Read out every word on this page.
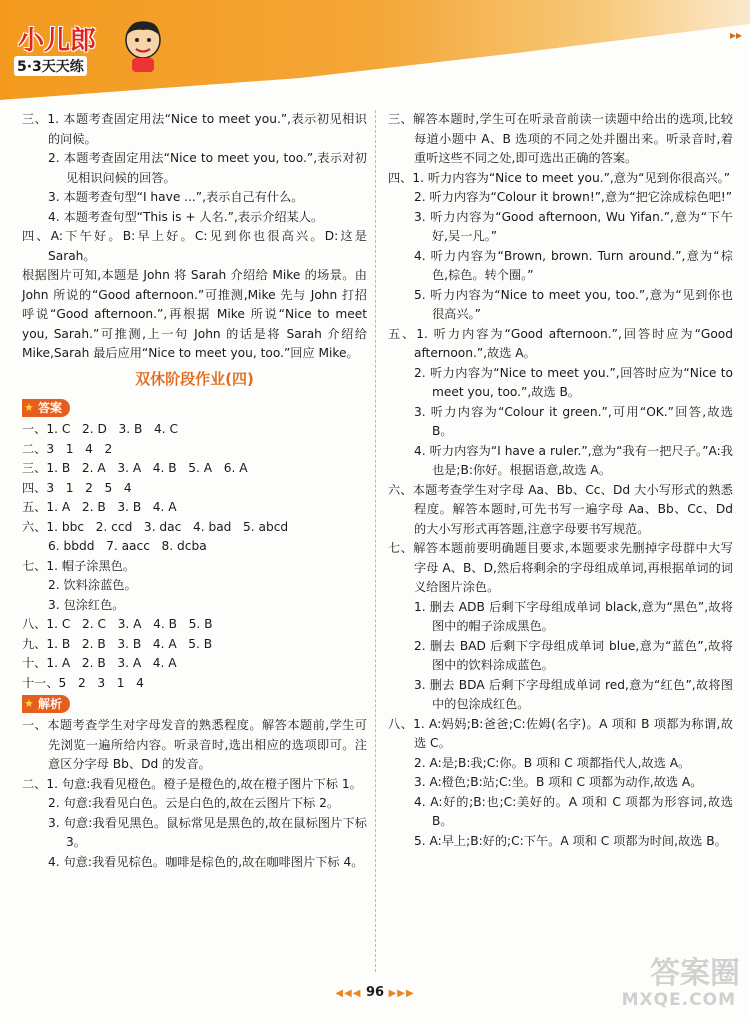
小儿郎
5·3天天练
▸▸

三、1. 本题考查固定用法“Nice to meet you.”,表示初见相识的问候。

2. 本题考查固定用法“Nice to meet you, too.”,表示对初见相识问候的回答。

3. 本题考查句型“I have ...”,表示自己有什么。

4. 本题考查句型“This is + 人名.”,表示介绍某人。

四、A:下午好。B:早上好。C:见到你也很高兴。D:这是 Sarah。

根据图片可知,本题是 John 将 Sarah 介绍给 Mike 的场景。由 John 所说的“Good afternoon.”可推测,Mike 先与 John 打招呼说“Good afternoon.”,再根据 Mike 所说“Nice to meet you, Sarah.”可推测,上一句 John 的话是将 Sarah 介绍给 Mike,Sarah 最后应用“Nice to meet you, too.”回应 Mike。

双休阶段作业(四)
★ 答案

一、1. C   2. D   3. B   4. C

二、3   1   4   2

三、1. B   2. A   3. A   4. B   5. A   6. A

四、3   1   2   5   4

五、1. A   2. B   3. B   4. A

六、1. bbc   2. ccd   3. dac   4. bad   5. abcd

6. bbdd   7. aacc   8. dcba

七、1. 帽子涂黑色。

2. 饮料涂蓝色。

3. 包涂红色。

八、1. C   2. C   3. A   4. B   5. B

九、1. B   2. B   3. B   4. A   5. B

十、1. A   2. B   3. A   4. A

十一、5   2   3   1   4

★ 解析

一、本题考查学生对字母发音的熟悉程度。解答本题前,学生可先浏览一遍所给内容。听录音时,选出相应的选项即可。注意区分字母 Bb、Dd 的发音。

二、1. 句意:我看见橙色。橙子是橙色的,故在橙子图片下标 1。

2. 句意:我看见白色。云是白色的,故在云图片下标 2。

3. 句意:我看见黑色。鼠标常见是黑色的,故在鼠标图片下标 3。

4. 句意:我看见棕色。咖啡是棕色的,故在咖啡图片下标 4。

三、解答本题时,学生可在听录音前读一读题中给出的选项,比较每道小题中 A、B 选项的不同之处并圈出来。听录音时,着重听这些不同之处,即可选出正确的答案。

四、1. 听力内容为“Nice to meet you.”,意为“见到你很高兴。”

2. 听力内容为“Colour it brown!”,意为“把它涂成棕色吧!”

3. 听力内容为“Good afternoon, Wu Yifan.”,意为“下午好,吴一凡。”

4. 听力内容为“Brown, brown. Turn around.”,意为“棕色,棕色。转个圈。”

5. 听力内容为“Nice to meet you, too.”,意为“见到你也很高兴。”

五、1. 听力内容为“Good afternoon.”,回答时应为“Good afternoon.”,故选 A。

2. 听力内容为“Nice to meet you.”,回答时应为“Nice to meet you, too.”,故选 B。

3. 听力内容为“Colour it green.”,可用“OK.”回答,故选 B。

4. 听力内容为“I have a ruler.”,意为“我有一把尺子。”A:我也是;B:你好。根据语意,故选 A。

六、本题考查学生对字母 Aa、Bb、Cc、Dd 大小写形式的熟悉程度。解答本题时,可先书写一遍字母 Aa、Bb、Cc、Dd 的大小写形式再答题,注意字母要书写规范。

七、解答本题前要明确题目要求,本题要求先删掉字母群中大写字母 A、B、D,然后将剩余的字母组成单词,再根据单词的词义给图片涂色。

1. 删去 ADB 后剩下字母组成单词 black,意为“黑色”,故将图中的帽子涂成黑色。

2. 删去 BAD 后剩下字母组成单词 blue,意为“蓝色”,故将图中的饮料涂成蓝色。

3. 删去 BDA 后剩下字母组成单词 red,意为“红色”,故将图中的包涂成红色。

八、1. A:妈妈;B:爸爸;C:佐姆(名字)。A 项和 B 项都为称谓,故选 C。

2. A:是;B:我;C:你。B 项和 C 项都指代人,故选 A。

3. A:橙色;B:站;C:坐。B 项和 C 项都为动作,故选 A。

4. A:好的;B:也;C:美好的。A 项和 C 项都为形容词,故选 B。

5. A:早上;B:好的;C:下午。A 项和 C 项都为时间,故选 B。

◀◀◀ 96 ▶▶▶
答案圈
MXQE.COM
